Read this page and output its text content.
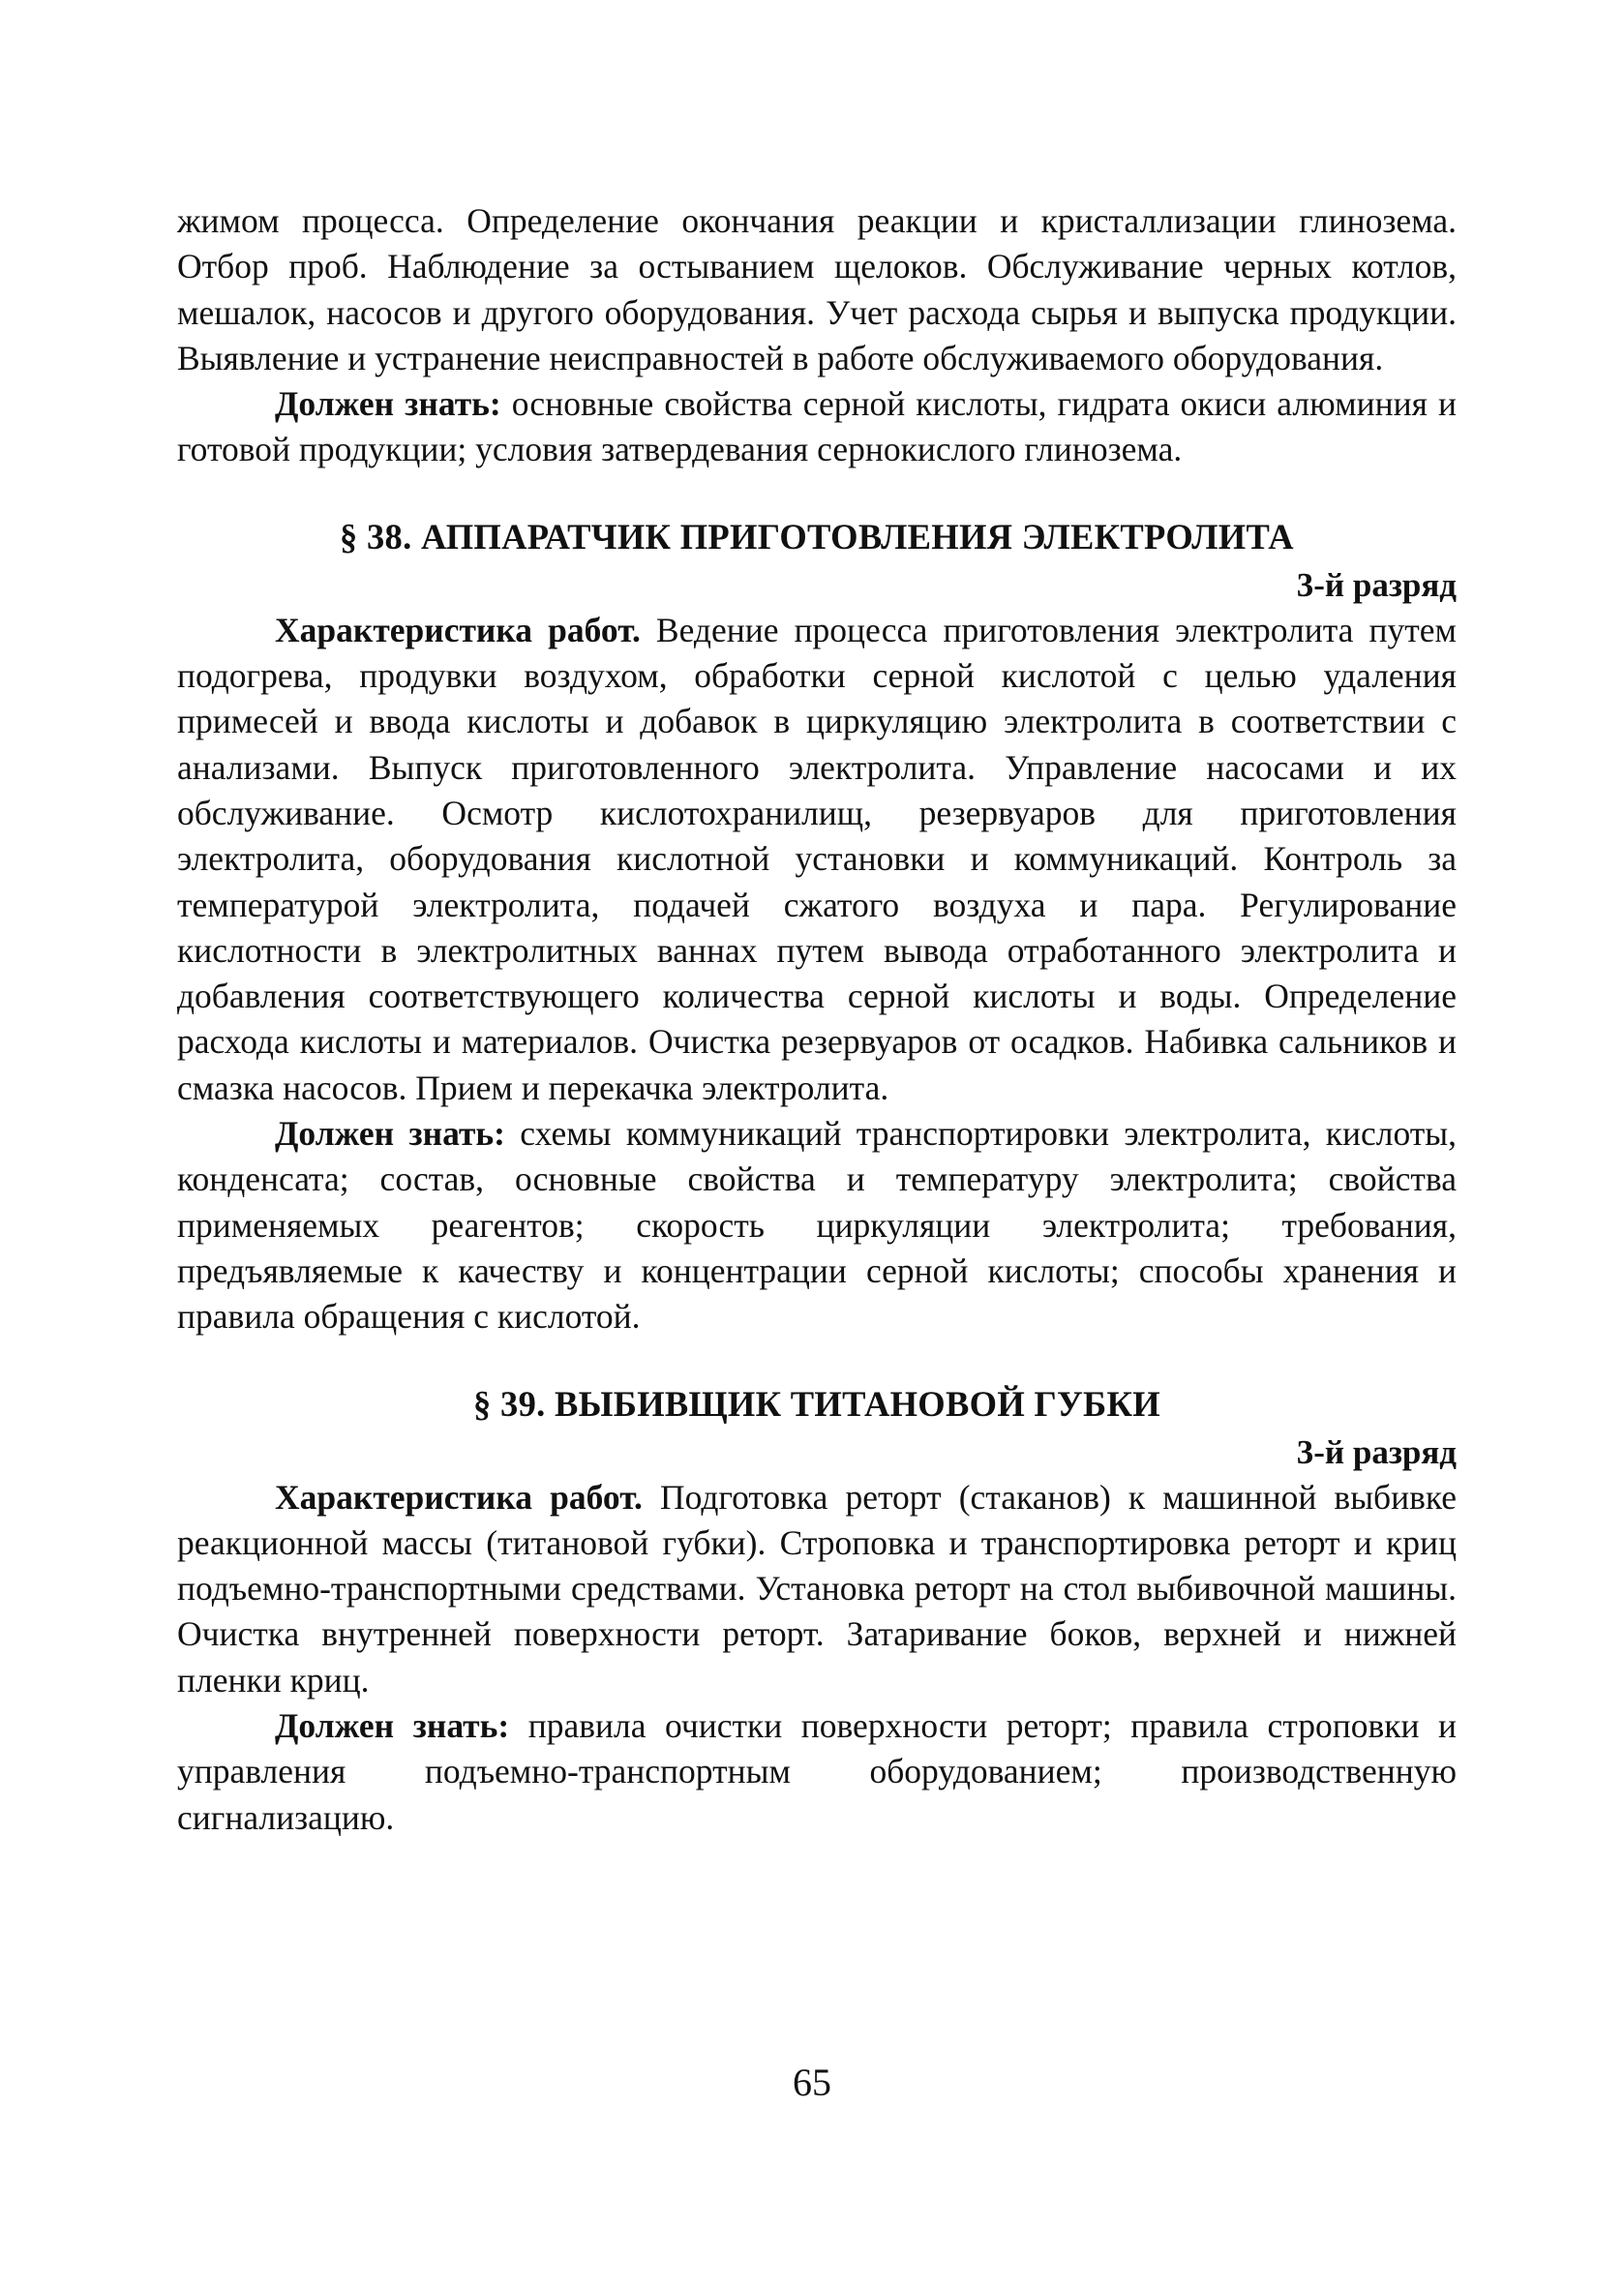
жимом процесса. Определение окончания реакции и кристаллизации глинозема. Отбор проб. Наблюдение за остыванием щелоков. Обслуживание черных котлов, мешалок, насосов и другого оборудования. Учет расхода сырья и выпуска продукции. Выявление и устранение неисправностей в работе обслуживаемого оборудования.

Должен знать: основные свойства серной кислоты, гидрата окиси алюминия и готовой продукции; условия затвердевания сернокислого глинозема.

§ 38. АППАРАТЧИК ПРИГОТОВЛЕНИЯ ЭЛЕКТРОЛИТА

3-й разряд

Характеристика работ. Ведение процесса приготовления электролита путем подогрева, продувки воздухом, обработки серной кислотой с целью удаления примесей и ввода кислоты и добавок в циркуляцию электролита в соответствии с анализами. Выпуск приготовленного электролита. Управление насосами и их обслуживание. Осмотр кислотохранилищ, резервуаров для приготовления электролита, оборудования кислотной установки и коммуникаций. Контроль за температурой электролита, подачей сжатого воздуха и пара. Регулирование кислотности в электролитных ваннах путем вывода отработанного электролита и добавления соответствующего количества серной кислоты и воды. Определение расхода кислоты и материалов. Очистка резервуаров от осадков. Набивка сальников и смазка насосов. Прием и перекачка электролита.

Должен знать: схемы коммуникаций транспортировки электролита, кислоты, конденсата; состав, основные свойства и температуру электролита; свойства применяемых реагентов; скорость циркуляции электролита; требования, предъявляемые к качеству и концентрации серной кислоты; способы хранения и правила обращения с кислотой.

§ 39. ВЫБИВЩИК ТИТАНОВОЙ ГУБКИ

3-й разряд

Характеристика работ. Подготовка реторт (стаканов) к машинной выбивке реакционной массы (титановой губки). Строповка и транспортировка реторт и криц подъемно-транспортными средствами. Установка реторт на стол выбивочной машины. Очистка внутренней поверхности реторт. Затаривание боков, верхней и нижней пленки криц.

Должен знать: правила очистки поверхности реторт; правила строповки и управления подъемно-транспортным оборудованием; производственную сигнализацию.

65
